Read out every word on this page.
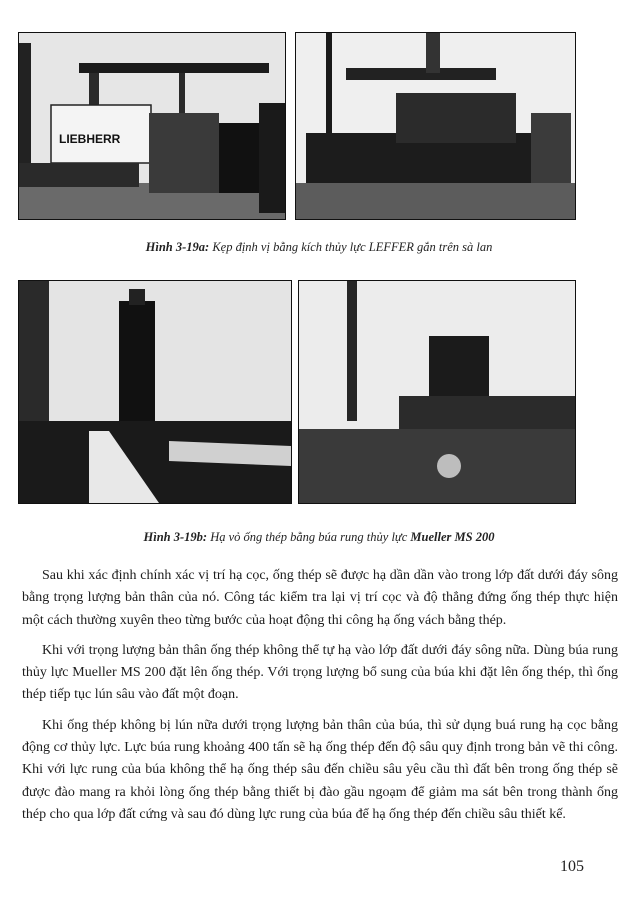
LIEBHERR
Hình 3-19a: Kẹp định vị bằng kích thủy lực LEFFER gắn trên sà lan
Hình 3-19b: Hạ vỏ ống thép bằng búa rung thủy lực Mueller MS 200

Sau khi xác định chính xác vị trí hạ cọc, ống thép sẽ được hạ dần dần vào trong lớp đất dưới đáy sông bằng trọng lượng bản thân của nó. Công tác kiểm tra lại vị trí cọc và độ thẳng đứng ống thép thực hiện một cách thường xuyên theo từng bước của hoạt động thi công hạ ống vách bằng thép.

Khi với trọng lượng bản thân ống thép không thể tự hạ vào lớp đất dưới đáy sông nữa. Dùng búa rung thủy lực Mueller MS 200 đặt lên ống thép. Với trọng lượng bổ sung của búa khi đặt lên ống thép, thì ống thép tiếp tục lún sâu vào đất một đoạn.

Khi ống thép không bị lún nữa dưới trọng lượng bản thân của búa, thì sử dụng buá rung hạ cọc bằng động cơ thủy lực. Lực búa rung khoảng 400 tấn sẽ hạ ống thép đến độ sâu quy định trong bản vẽ thi công. Khi với lực rung của búa không thể hạ ống thép sâu đến chiều sâu yêu cầu thì đất bên trong ống thép sẽ được đào mang ra khỏi lòng ống thép bằng thiết bị đào gầu ngoạm để giảm ma sát bên trong thành ống thép cho qua lớp đất cứng và sau đó dùng lực rung của búa để hạ ống thép đến chiều sâu thiết kế.

105
